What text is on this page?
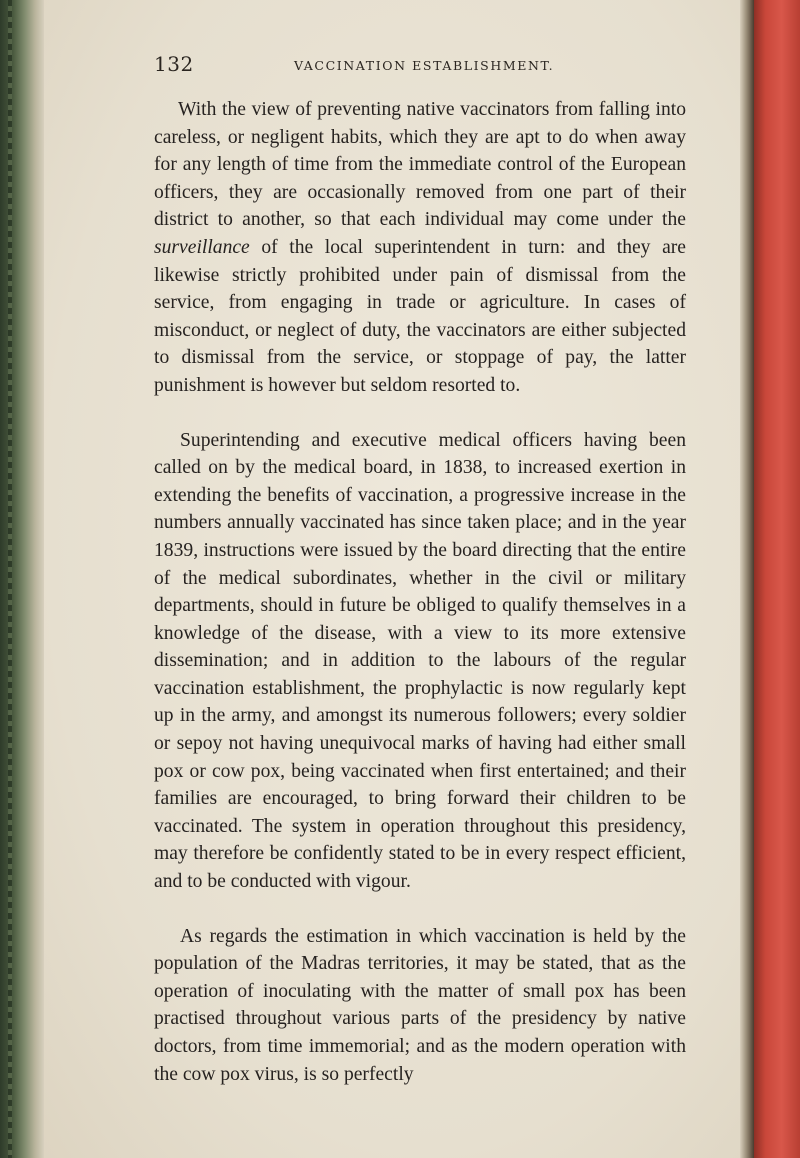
132	VACCINATION ESTABLISHMENT.

With the view of preventing native vaccinators from falling into careless, or negligent habits, which they are apt to do when away for any length of time from the immediate control of the European officers, they are occasionally removed from one part of their district to another, so that each individual may come under the surveillance of the local superintendent in turn: and they are likewise strictly prohibited under pain of dismissal from the service, from engaging in trade or agriculture. In cases of misconduct, or neglect of duty, the vaccinators are either subjected to dismissal from the service, or stoppage of pay, the latter punishment is however but seldom resorted to.

Superintending and executive medical officers having been called on by the medical board, in 1838, to increased exertion in extending the benefits of vaccination, a progressive increase in the numbers annually vaccinated has since taken place; and in the year 1839, instructions were issued by the board directing that the entire of the medical subordinates, whether in the civil or military departments, should in future be obliged to qualify themselves in a knowledge of the disease, with a view to its more extensive dissemination; and in addition to the labours of the regular vaccination establishment, the prophylactic is now regularly kept up in the army, and amongst its numerous followers; every soldier or sepoy not having unequivocal marks of having had either small pox or cow pox, being vaccinated when first entertained; and their families are encouraged, to bring forward their children to be vaccinated. The system in operation throughout this presidency, may therefore be confidently stated to be in every respect efficient, and to be conducted with vigour.

As regards the estimation in which vaccination is held by the population of the Madras territories, it may be stated, that as the operation of inoculating with the matter of small pox has been practised throughout various parts of the presidency by native doctors, from time immemorial; and as the modern operation with the cow pox virus, is so perfectly
